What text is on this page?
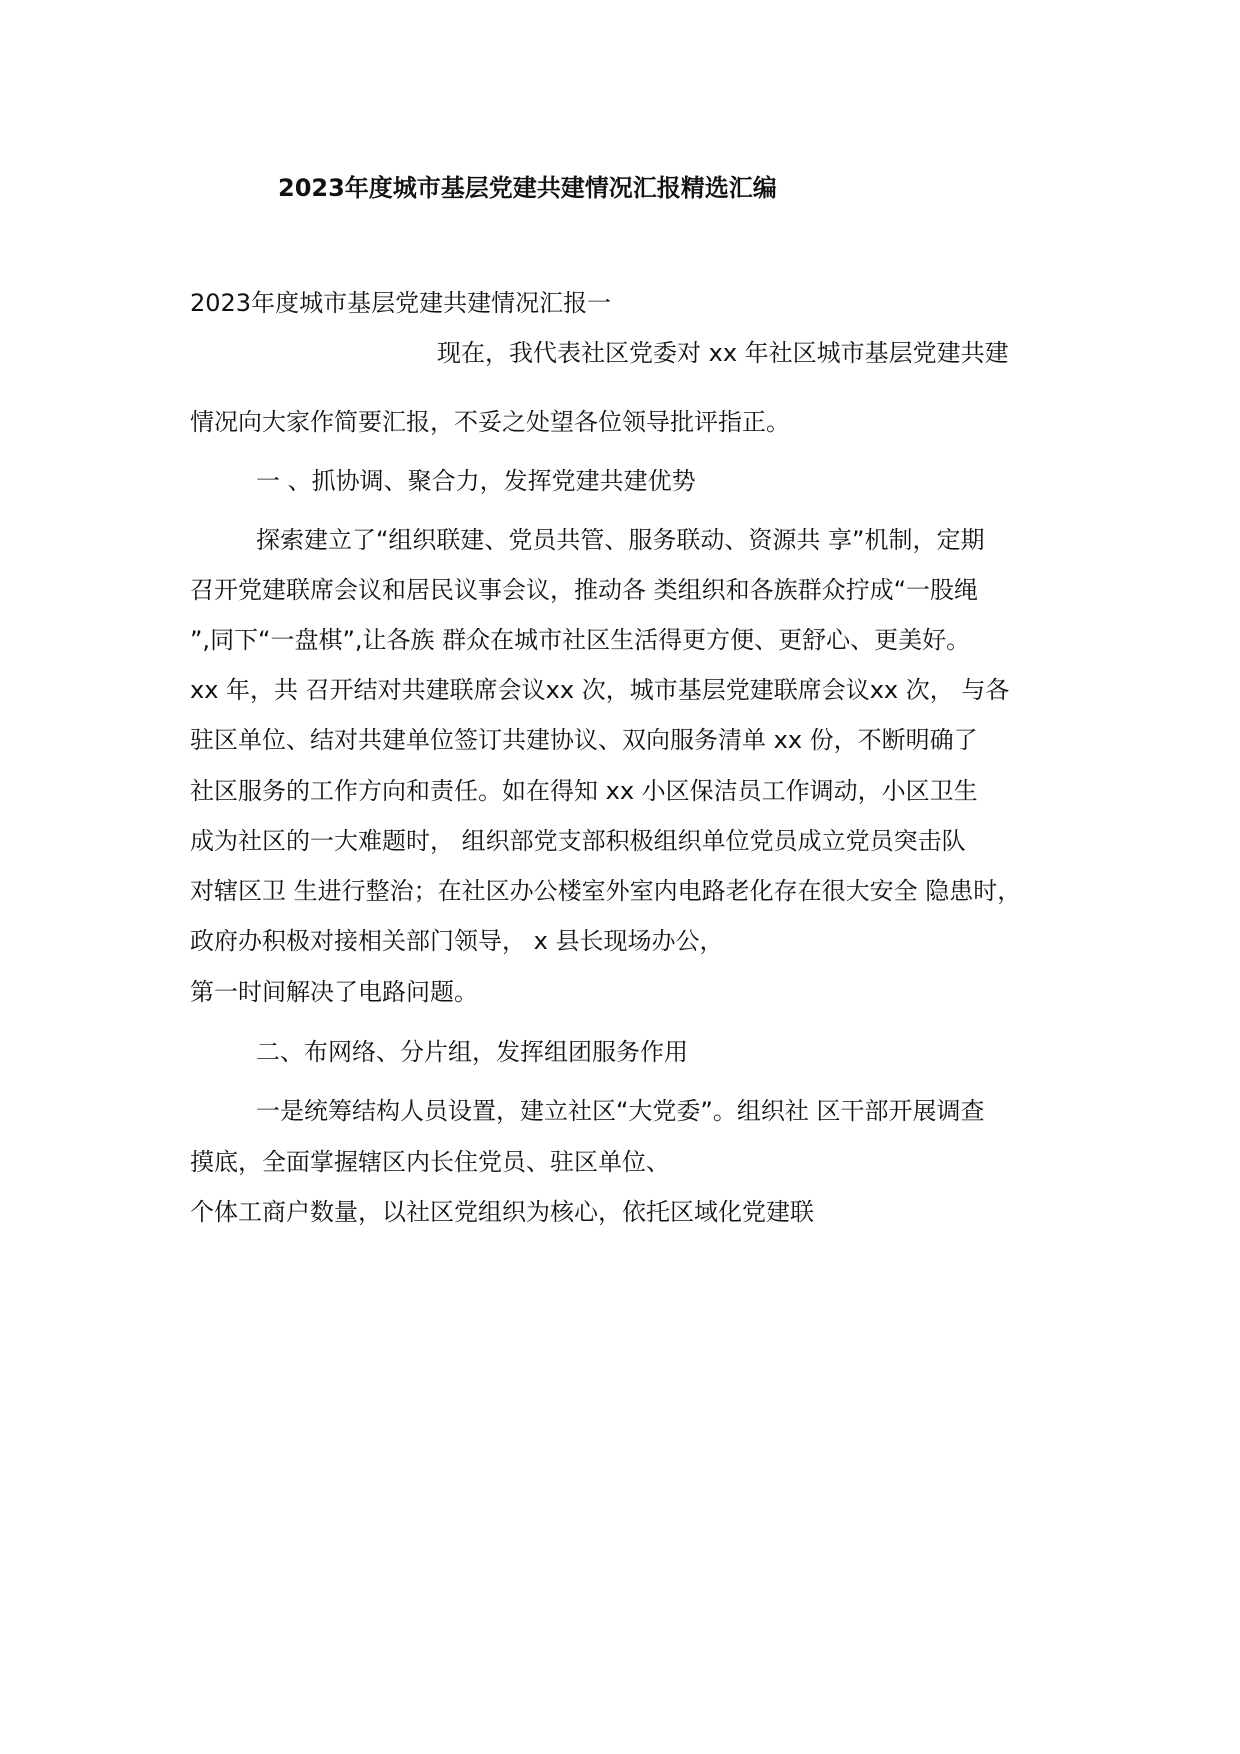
2023年度城市基层党建共建情况汇报精选汇编
2023年度城市基层党建共建情况汇报一
现在，我代表社区党委对 xx 年社区城市基层党建共建
情况向大家作简要汇报，不妥之处望各位领导批评指正。
一 、抓协调、聚合力，发挥党建共建优势
探索建立了“组织联建、党员共管、服务联动、资源共 享”机制，定期
召开党建联席会议和居民议事会议，推动各 类组织和各族群众拧成“一股绳
”,同下“一盘棋”,让各族 群众在城市社区生活得更方便、更舒心、更美好。
xx 年，共 召开结对共建联席会议xx 次，城市基层党建联席会议xx 次， 与各
驻区单位、结对共建单位签订共建协议、双向服务清单 xx 份，不断明确了
社区服务的工作方向和责任。如在得知 xx 小区保洁员工作调动，小区卫生
成为社区的一大难题时， 组织部党支部积极组织单位党员成立党员突击队
对辖区卫 生进行整治；在社区办公楼室外室内电路老化存在很大安全 隐患时，
政府办积极对接相关部门领导， x 县长现场办公，
第一时间解决了电路问题。
二、布网络、分片组，发挥组团服务作用
一是统筹结构人员设置，建立社区“大党委”。组织社 区干部开展调查
摸底，全面掌握辖区内长住党员、驻区单位、
个体工商户数量，以社区党组织为核心，依托区域化党建联
